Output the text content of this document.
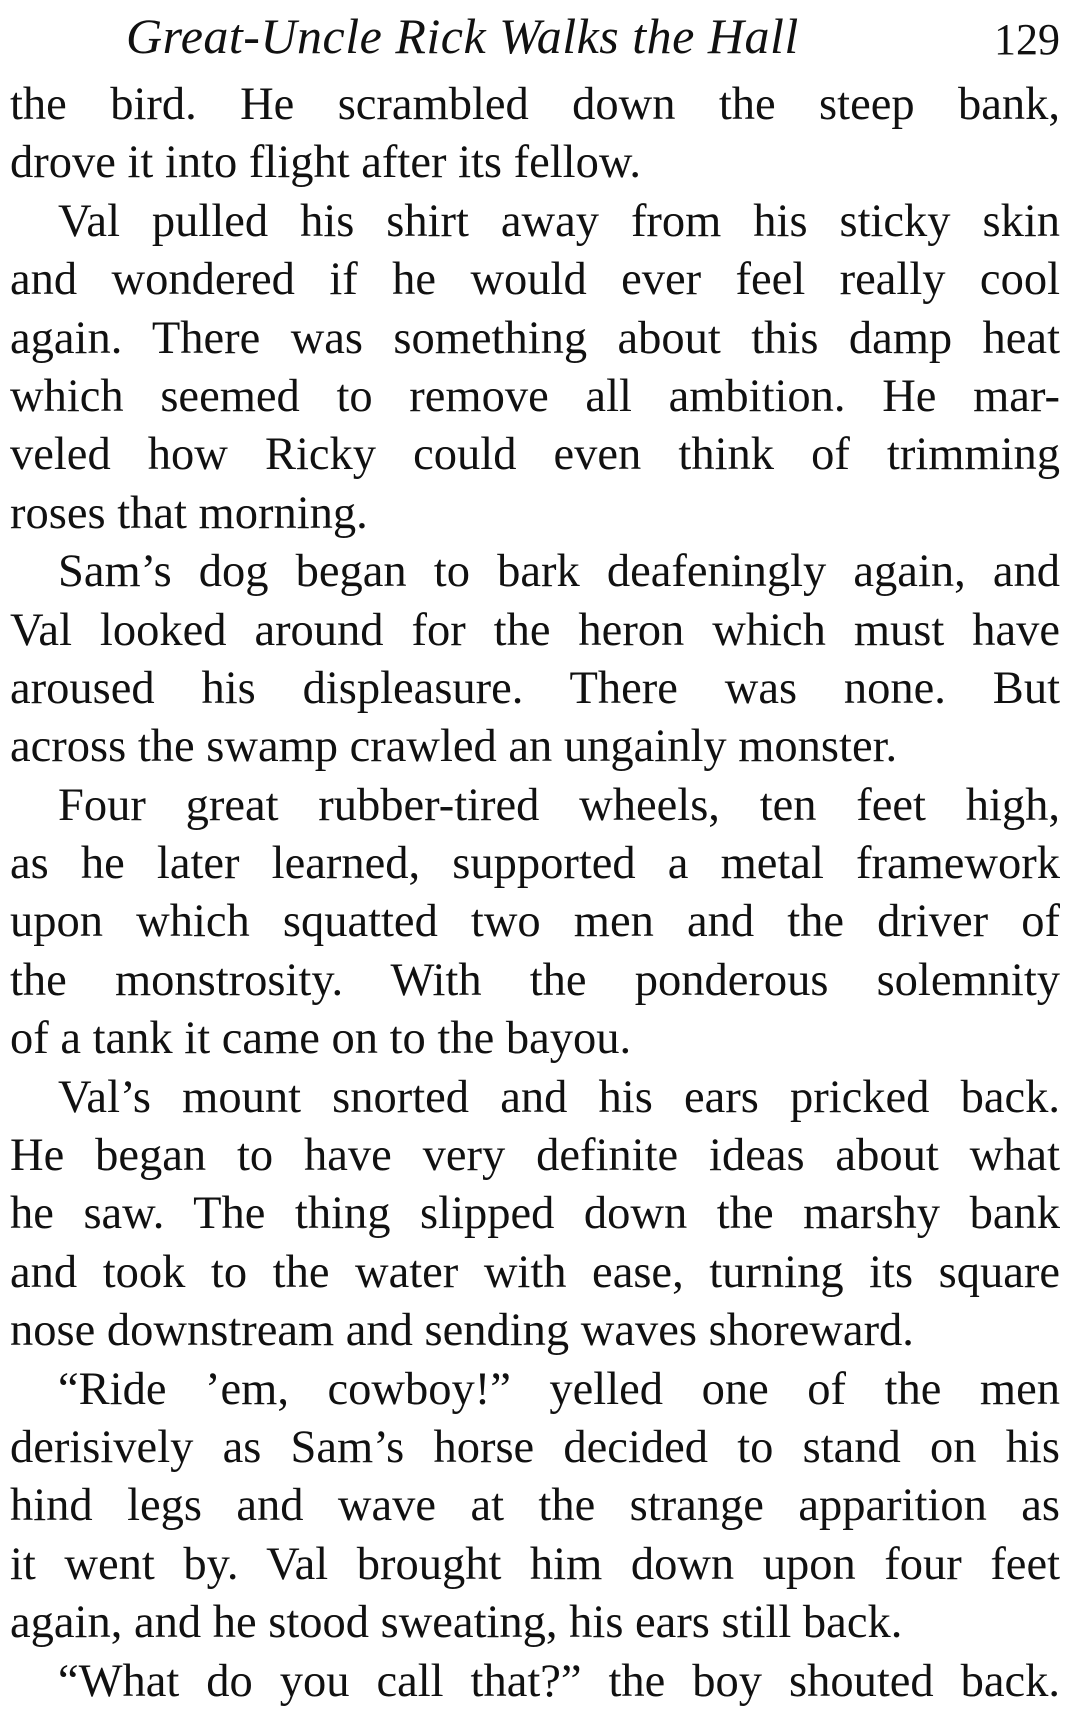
Great-Uncle Rick Walks the Hall	129
the bird. He scrambled down the steep bank,
drove it into flight after its fellow.
Val pulled his shirt away from his sticky skin
and wondered if he would ever feel really cool
again. There was something about this damp heat
which seemed to remove all ambition. He mar-
veled how Ricky could even think of trimming
roses that morning.
Sam’s dog began to bark deafeningly again, and
Val looked around for the heron which must have
aroused his displeasure. There was none. But
across the swamp crawled an ungainly monster.
Four great rubber-tired wheels, ten feet high,
as he later learned, supported a metal framework
upon which squatted two men and the driver of
the monstrosity. With the ponderous solemnity
of a tank it came on to the bayou.
Val’s mount snorted and his ears pricked back.
He began to have very definite ideas about what
he saw. The thing slipped down the marshy bank
and took to the water with ease, turning its square
nose downstream and sending waves shoreward.
“Ride ’em, cowboy!” yelled one of the men
derisively as Sam’s horse decided to stand on his
hind legs and wave at the strange apparition as
it went by. Val brought him down upon four feet
again, and he stood sweating, his ears still back.
“What do you call that?” the boy shouted back.
